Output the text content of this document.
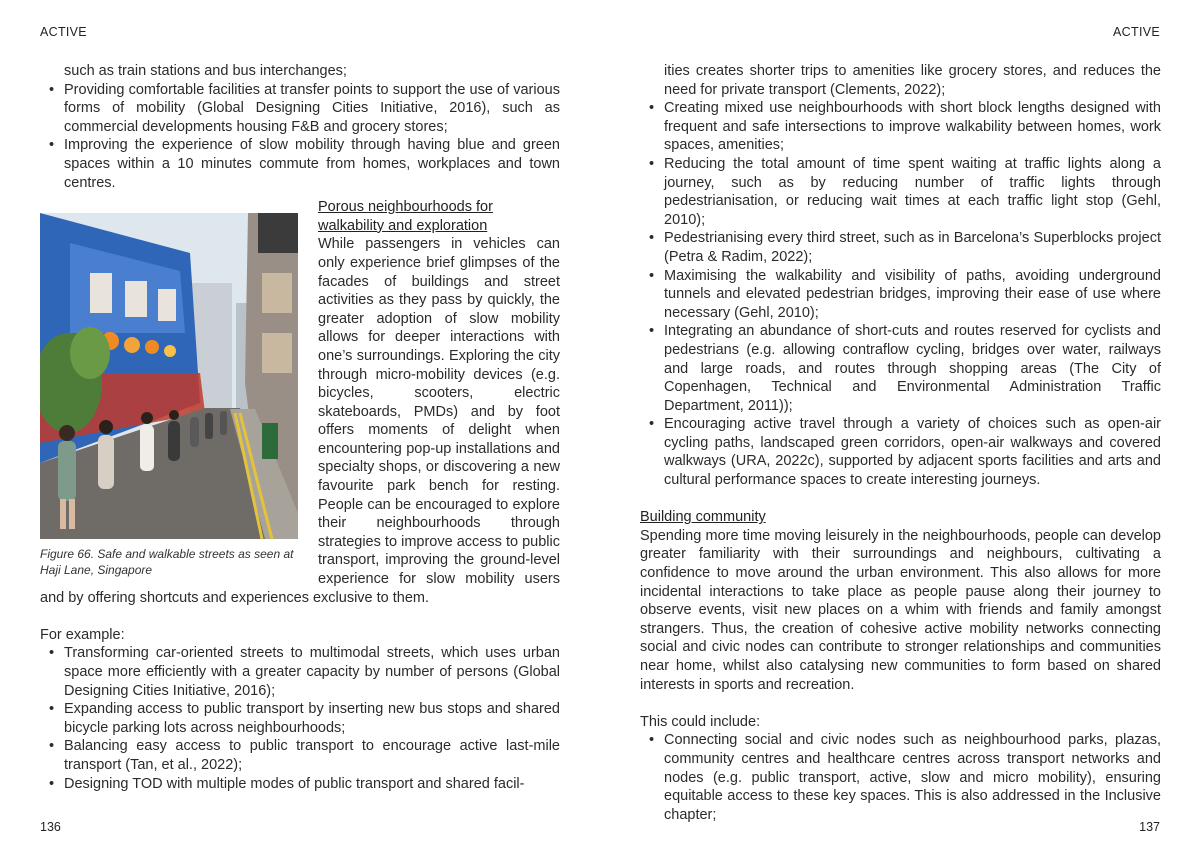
ACTIVE	ACTIVE
such as train stations and bus interchanges;
• Providing comfortable facilities at transfer points to support the use of various forms of mobility (Global Designing Cities Initiative, 2016), such as commercial developments housing F&B and grocery stores;
• Improving the experience of slow mobility through having blue and green spaces within a 10 minutes commute from homes, workplaces and town centres.
Figure 66. Safe and walkable streets as seen at Haji Lane, Singapore
Porous neighbourhoods for walkability and exploration
While passengers in vehicles can only experience brief glimpses of the facades of buildings and street activities as they pass by quickly, the greater adoption of slow mobility allows for deeper interactions with one’s surroundings. Exploring the city through micro-mobility devices (e.g. bicycles, scooters, electric skateboards, PMDs) and by foot offers moments of delight when encountering pop-up installations and specialty shops, or discovering a new favourite park bench for resting. People can be encouraged to explore their neighbourhoods through strategies to improve access to public transport, improving the ground-level experience for slow mobility users and by offering shortcuts and experiences exclusive to them.
For example:
• Transforming car-oriented streets to multimodal streets, which uses urban space more efficiently with a greater capacity by number of persons (Global Designing Cities Initiative, 2016);
• Expanding access to public transport by inserting new bus stops and shared bicycle parking lots across neighbourhoods;
• Balancing easy access to public transport to encourage active last-mile transport (Tan, et al., 2022);
• Designing TOD with multiple modes of public transport and shared facil-
ities creates shorter trips to amenities like grocery stores, and reduces the need for private transport (Clements, 2022);
• Creating mixed use neighbourhoods with short block lengths designed with frequent and safe intersections to improve walkability between homes, work spaces, amenities;
• Reducing the total amount of time spent waiting at traffic lights along a journey, such as by reducing number of traffic lights through pedestrianisation, or reducing wait times at each traffic light stop (Gehl, 2010);
• Pedestrianising every third street, such as in Barcelona’s Superblocks project (Petra & Radim, 2022);
• Maximising the walkability and visibility of paths, avoiding underground tunnels and elevated pedestrian bridges, improving their ease of use where necessary (Gehl, 2010);
• Integrating an abundance of short-cuts and routes reserved for cyclists and pedestrians (e.g. allowing contraflow cycling, bridges over water, railways and large roads, and routes through shopping areas (The City of Copenhagen, Technical and Environmental Administration Traffic Department, 2011));
• Encouraging active travel through a variety of choices such as open-air cycling paths, landscaped green corridors, open-air walkways and covered walkways (URA, 2022c), supported by adjacent sports facilities and arts and cultural performance spaces to create interesting journeys.
Building community
Spending more time moving leisurely in the neighbourhoods, people can develop greater familiarity with their surroundings and neighbours, cultivating a confidence to move around the urban environment. This also allows for more incidental interactions to take place as people pause along their journey to observe events, visit new places on a whim with friends and family amongst strangers. Thus, the creation of cohesive active mobility networks connecting social and civic nodes can contribute to stronger relationships and communities near home, whilst also catalysing new communities to form based on shared interests in sports and recreation.
This could include:
• Connecting social and civic nodes such as neighbourhood parks, plazas, community centres and healthcare centres across transport networks and nodes (e.g. public transport, active, slow and micro mobility), ensuring equitable access to these key spaces. This is also addressed in the Inclusive chapter;
136	137
